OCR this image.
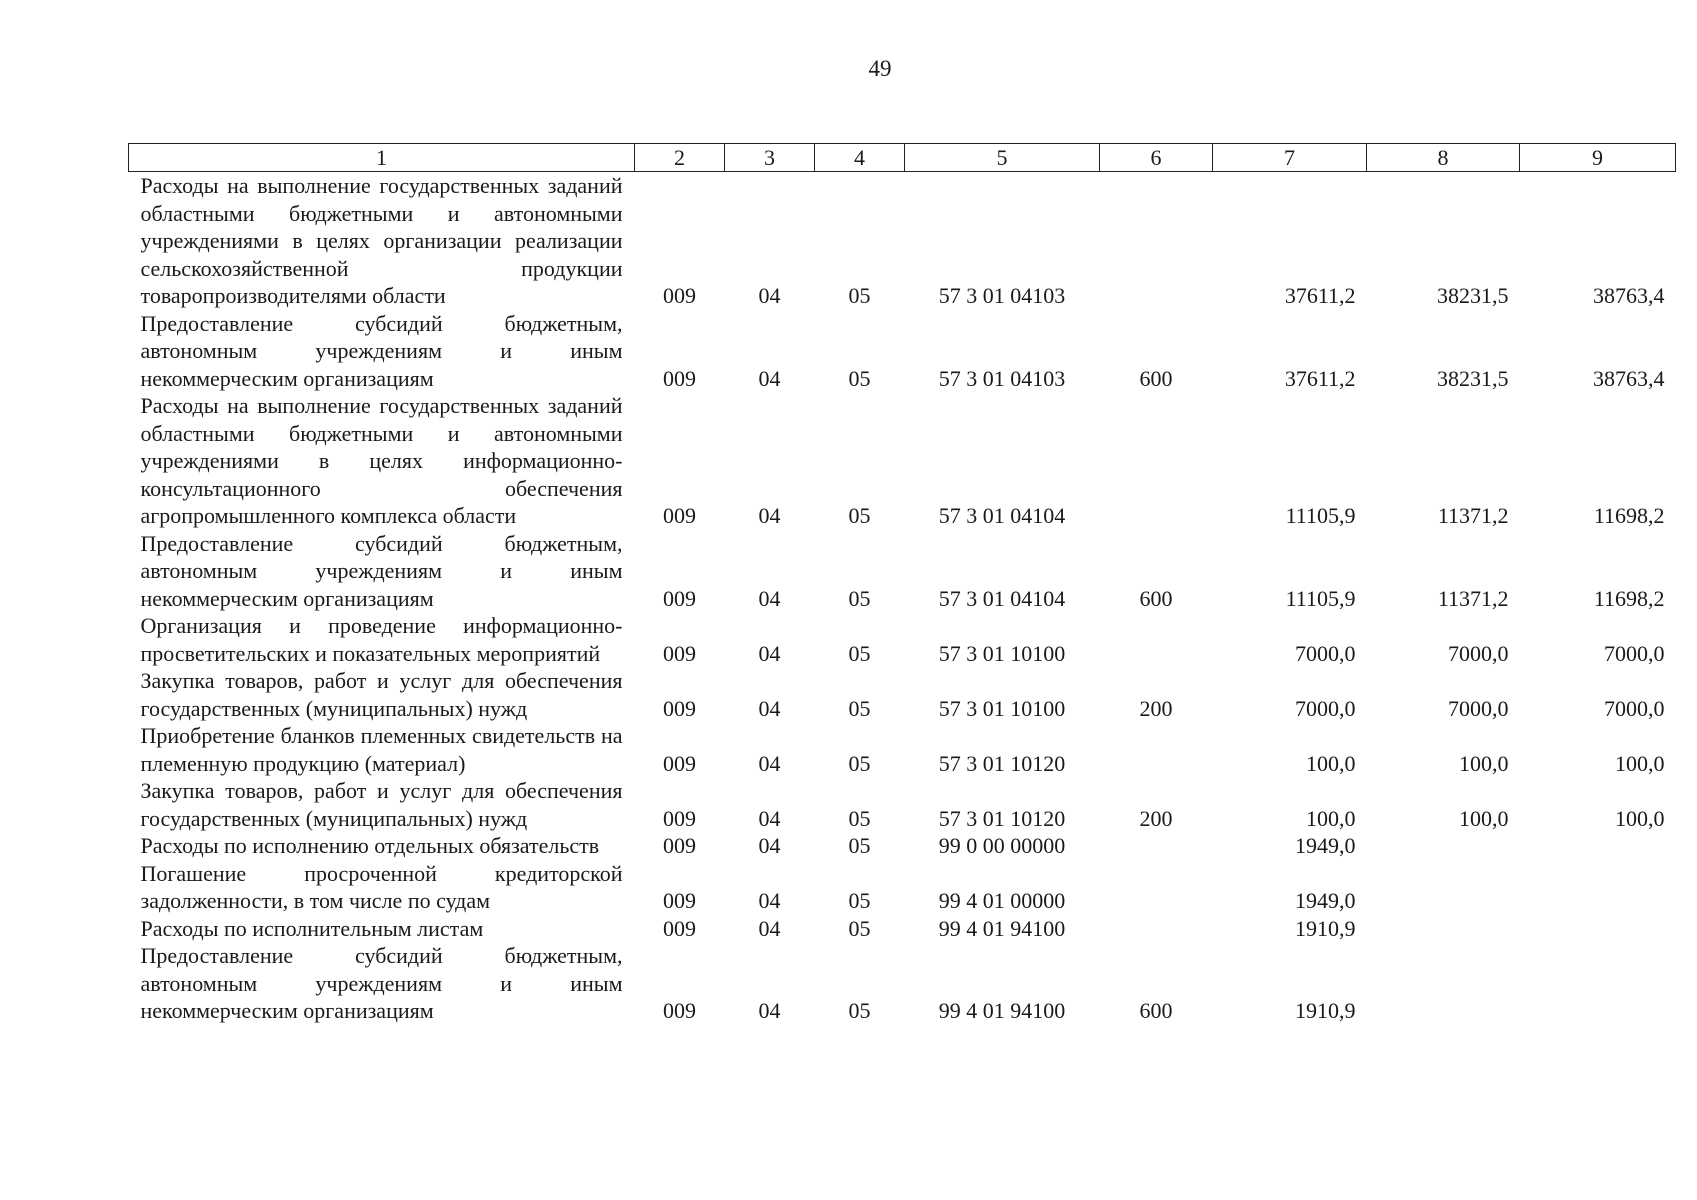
49
1	2	3	4	5	6	7	8	9
Расходы на выполнение государственных заданий областными бюджетными и автономными учреждениями в целях организации реализации сельскохозяйственной продукции товаропроизводителями области	009	04	05	57 3 01 04103		37611,2	38231,5	38763,4
Предоставление субсидий бюджетным, автономным учреждениям и иным некоммерческим организациям	009	04	05	57 3 01 04103	600	37611,2	38231,5	38763,4
Расходы на выполнение государственных заданий областными бюджетными и автономными учреждениями в целях информационно-консультационного обеспечения агропромышленного комплекса области	009	04	05	57 3 01 04104		11105,9	11371,2	11698,2
Предоставление субсидий бюджетным, автономным учреждениям и иным некоммерческим организациям	009	04	05	57 3 01 04104	600	11105,9	11371,2	11698,2
Организация и проведение информационно-просветительских и показательных мероприятий	009	04	05	57 3 01 10100		7000,0	7000,0	7000,0
Закупка товаров, работ и услуг для обеспечения государственных (муниципальных) нужд	009	04	05	57 3 01 10100	200	7000,0	7000,0	7000,0
Приобретение бланков племенных свидетельств на племенную продукцию (материал)	009	04	05	57 3 01 10120		100,0	100,0	100,0
Закупка товаров, работ и услуг для обеспечения государственных (муниципальных) нужд	009	04	05	57 3 01 10120	200	100,0	100,0	100,0
Расходы по исполнению отдельных обязательств	009	04	05	99 0 00 00000		1949,0		
Погашение просроченной кредиторской задолженности, в том числе по судам	009	04	05	99 4 01 00000		1949,0		
Расходы по исполнительным листам	009	04	05	99 4 01 94100		1910,9		
Предоставление субсидий бюджетным, автономным учреждениям и иным некоммерческим организациям	009	04	05	99 4 01 94100	600	1910,9		
